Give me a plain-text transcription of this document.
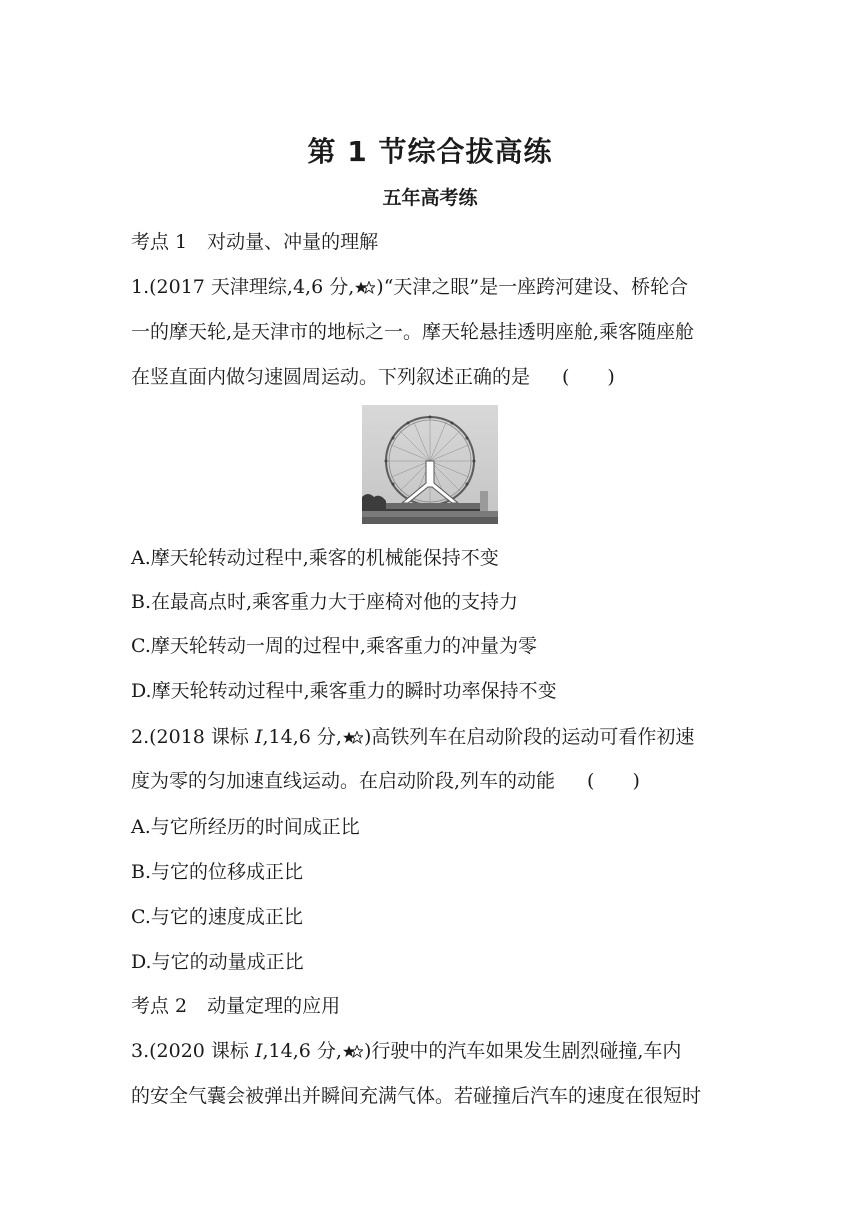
第 1 节综合拔高练
五年高考练
考点 1 对动量、冲量的理解
1.(2017 天津理综,4,6 分, )“天津之眼”是一座跨河建设、桥轮合
一的摩天轮,是天津市的地标之一。摩天轮悬挂透明座舱,乘客随座舱
在竖直面内做匀速圆周运动。下列叙述正确的是 (　　)
A.摩天轮转动过程中,乘客的机械能保持不变
B.在最高点时,乘客重力大于座椅对他的支持力
C.摩天轮转动一周的过程中,乘客重力的冲量为零
D.摩天轮转动过程中,乘客重力的瞬时功率保持不变
2.(2018 课标 Ⅰ,14,6 分, )高铁列车在启动阶段的运动可看作初速
度为零的匀加速直线运动。在启动阶段,列车的动能 (　　)
A.与它所经历的时间成正比
B.与它的位移成正比
C.与它的速度成正比
D.与它的动量成正比
考点 2 动量定理的应用
3.(2020 课标 Ⅰ,14,6 分, )行驶中的汽车如果发生剧烈碰撞,车内
的安全气囊会被弹出并瞬间充满气体。若碰撞后汽车的速度在很短时
